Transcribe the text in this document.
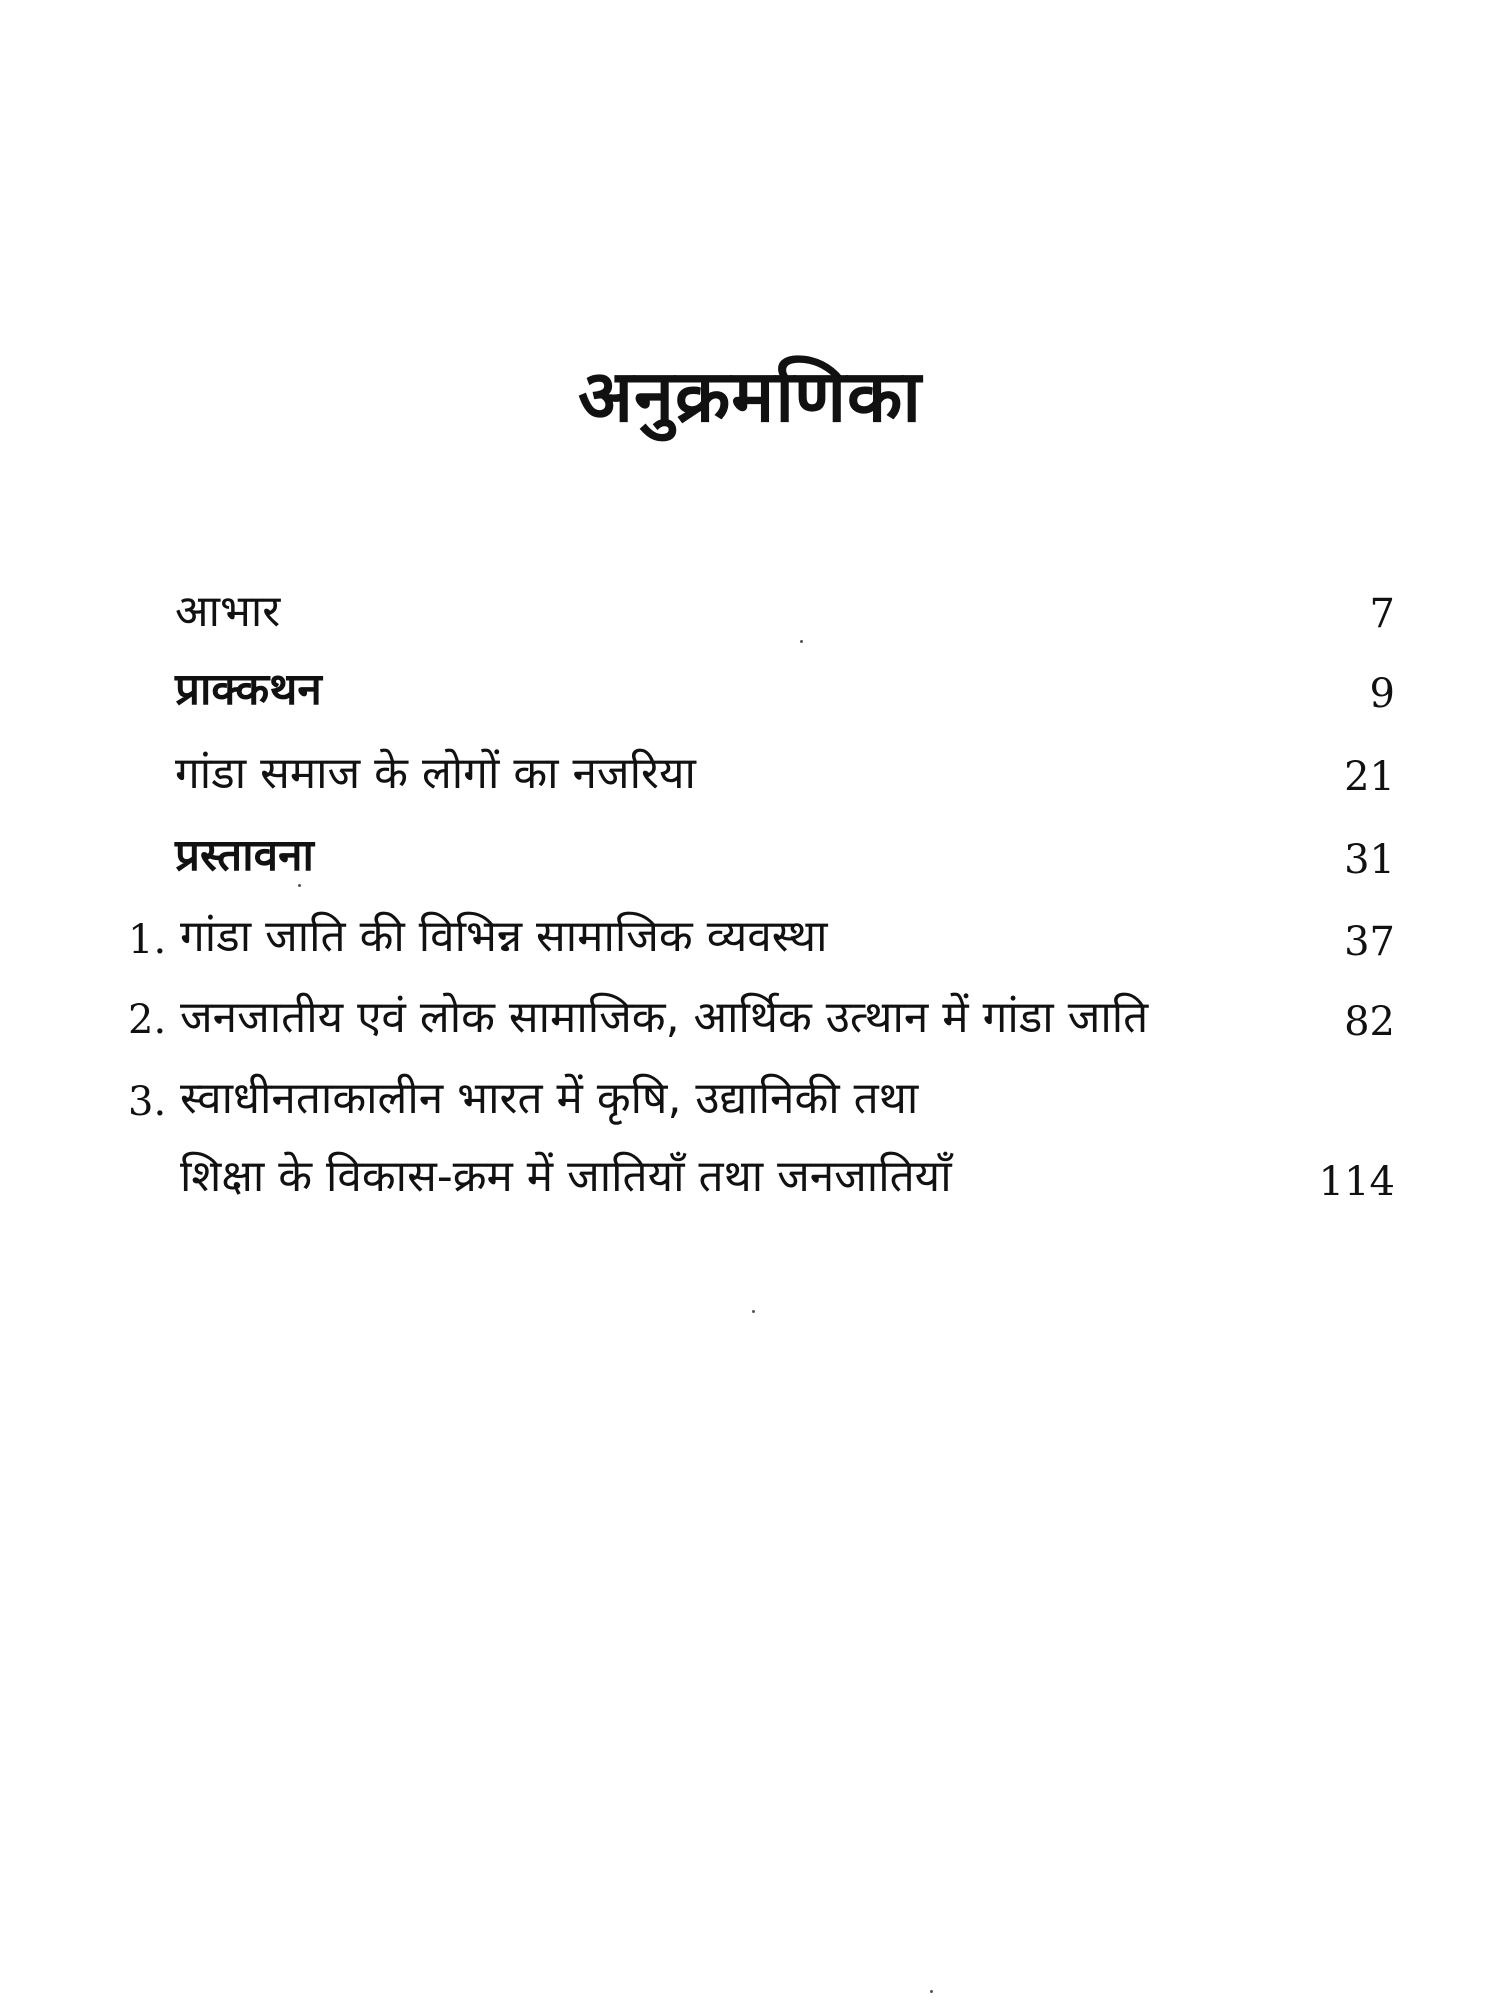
अनुक्रमणिका
आभार	7
प्राक्कथन	9
गांडा समाज के लोगों का नजरिया	21
प्रस्तावना	31
1. गांडा जाति की विभिन्न सामाजिक व्यवस्था	37
2. जनजातीय एवं लोक सामाजिक, आर्थिक उत्थान में गांडा जाति	82
3. स्वाधीनताकालीन भारत में कृषि, उद्यानिकी तथा
शिक्षा के विकास-क्रम में जातियाँ तथा जनजातियाँ	114
